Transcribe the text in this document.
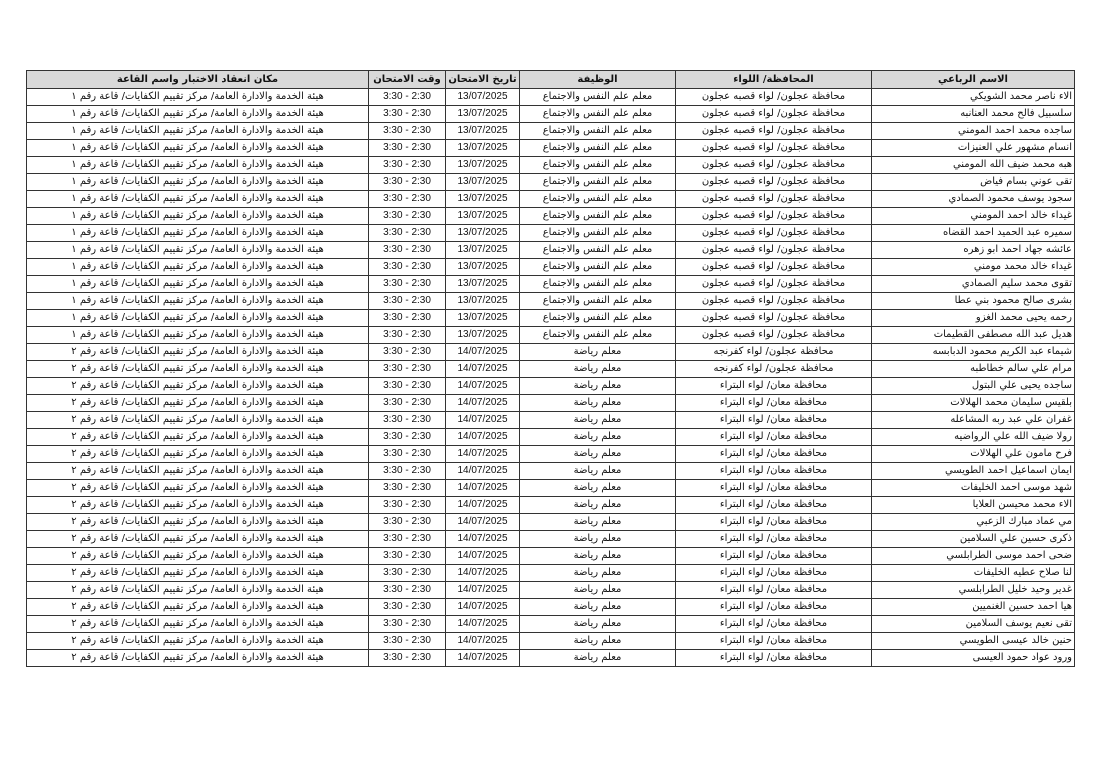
الاسم الرباعي	المحافظة/ اللواء	الوظيفة	تاريخ الامتحان	وقت الامتحان	مكان انعقاد الاختبار واسم القاعة
الاء ناصر محمد الشويكي	محافظة عجلون/ لواء قصبه عجلون	معلم علم النفس والاجتماع	13/07/2025	3:30 - 2:30	هيئة الخدمة والادارة العامة/ مركز تقييم الكفايات/ قاعة رقم ١
سلسبيل فالح محمد العنانبه	محافظة عجلون/ لواء قصبه عجلون	معلم علم النفس والاجتماع	13/07/2025	3:30 - 2:30	هيئة الخدمة والادارة العامة/ مركز تقييم الكفايات/ قاعة رقم ١
ساجده محمد احمد المومني	محافظة عجلون/ لواء قصبه عجلون	معلم علم النفس والاجتماع	13/07/2025	3:30 - 2:30	هيئة الخدمة والادارة العامة/ مركز تقييم الكفايات/ قاعة رقم ١
انسام مشهور علي العنيزات	محافظة عجلون/ لواء قصبه عجلون	معلم علم النفس والاجتماع	13/07/2025	3:30 - 2:30	هيئة الخدمة والادارة العامة/ مركز تقييم الكفايات/ قاعة رقم ١
هبه محمد ضيف الله المومني	محافظة عجلون/ لواء قصبه عجلون	معلم علم النفس والاجتماع	13/07/2025	3:30 - 2:30	هيئة الخدمة والادارة العامة/ مركز تقييم الكفايات/ قاعة رقم ١
تقى عوني بسام فياض	محافظة عجلون/ لواء قصبه عجلون	معلم علم النفس والاجتماع	13/07/2025	3:30 - 2:30	هيئة الخدمة والادارة العامة/ مركز تقييم الكفايات/ قاعة رقم ١
سجود يوسف محمود الصمادي	محافظة عجلون/ لواء قصبه عجلون	معلم علم النفس والاجتماع	13/07/2025	3:30 - 2:30	هيئة الخدمة والادارة العامة/ مركز تقييم الكفايات/ قاعة رقم ١
غيداء خالد احمد المومني	محافظة عجلون/ لواء قصبه عجلون	معلم علم النفس والاجتماع	13/07/2025	3:30 - 2:30	هيئة الخدمة والادارة العامة/ مركز تقييم الكفايات/ قاعة رقم ١
سميره عبد الحميد احمد القضاه	محافظة عجلون/ لواء قصبه عجلون	معلم علم النفس والاجتماع	13/07/2025	3:30 - 2:30	هيئة الخدمة والادارة العامة/ مركز تقييم الكفايات/ قاعة رقم ١
عائشه جهاد احمد ابو زهره	محافظة عجلون/ لواء قصبه عجلون	معلم علم النفس والاجتماع	13/07/2025	3:30 - 2:30	هيئة الخدمة والادارة العامة/ مركز تقييم الكفايات/ قاعة رقم ١
غيداء خالد محمد مومني	محافظة عجلون/ لواء قصبه عجلون	معلم علم النفس والاجتماع	13/07/2025	3:30 - 2:30	هيئة الخدمة والادارة العامة/ مركز تقييم الكفايات/ قاعة رقم ١
تقوى محمد سليم الصمادي	محافظة عجلون/ لواء قصبه عجلون	معلم علم النفس والاجتماع	13/07/2025	3:30 - 2:30	هيئة الخدمة والادارة العامة/ مركز تقييم الكفايات/ قاعة رقم ١
بشرى صالح محمود بني عطا	محافظة عجلون/ لواء قصبه عجلون	معلم علم النفس والاجتماع	13/07/2025	3:30 - 2:30	هيئة الخدمة والادارة العامة/ مركز تقييم الكفايات/ قاعة رقم ١
رحمه يحيى محمد الغزو	محافظة عجلون/ لواء قصبه عجلون	معلم علم النفس والاجتماع	13/07/2025	3:30 - 2:30	هيئة الخدمة والادارة العامة/ مركز تقييم الكفايات/ قاعة رقم ١
هديل عبد الله مصطفى القطيمات	محافظة عجلون/ لواء قصبه عجلون	معلم علم النفس والاجتماع	13/07/2025	3:30 - 2:30	هيئة الخدمة والادارة العامة/ مركز تقييم الكفايات/ قاعة رقم ١
شيماء عبد الكريم محمود الدبابسه	محافظة عجلون/ لواء كفرنجه	معلم رياضة	14/07/2025	3:30 - 2:30	هيئة الخدمة والادارة العامة/ مركز تقييم الكفايات/ قاعة رقم ٢
مرام علي سالم خطاطبه	محافظة عجلون/ لواء كفرنجه	معلم رياضة	14/07/2025	3:30 - 2:30	هيئة الخدمة والادارة العامة/ مركز تقييم الكفايات/ قاعة رقم ٢
ساجده يحيى علي البتول	محافظة معان/ لواء البتراء	معلم رياضة	14/07/2025	3:30 - 2:30	هيئة الخدمة والادارة العامة/ مركز تقييم الكفايات/ قاعة رقم ٢
بلقيس سليمان محمد الهلالات	محافظة معان/ لواء البتراء	معلم رياضة	14/07/2025	3:30 - 2:30	هيئة الخدمة والادارة العامة/ مركز تقييم الكفايات/ قاعة رقم ٢
غفران علي عبد ربه المشاعله	محافظة معان/ لواء البتراء	معلم رياضة	14/07/2025	3:30 - 2:30	هيئة الخدمة والادارة العامة/ مركز تقييم الكفايات/ قاعة رقم ٢
رولا ضيف الله علي الرواضيه	محافظة معان/ لواء البتراء	معلم رياضة	14/07/2025	3:30 - 2:30	هيئة الخدمة والادارة العامة/ مركز تقييم الكفايات/ قاعة رقم ٢
فرح مامون علي الهلالات	محافظة معان/ لواء البتراء	معلم رياضة	14/07/2025	3:30 - 2:30	هيئة الخدمة والادارة العامة/ مركز تقييم الكفايات/ قاعة رقم ٢
ايمان اسماعيل احمد الطويسي	محافظة معان/ لواء البتراء	معلم رياضة	14/07/2025	3:30 - 2:30	هيئة الخدمة والادارة العامة/ مركز تقييم الكفايات/ قاعة رقم ٢
شهد موسى احمد الخليفات	محافظة معان/ لواء البتراء	معلم رياضة	14/07/2025	3:30 - 2:30	هيئة الخدمة والادارة العامة/ مركز تقييم الكفايات/ قاعة رقم ٢
الاء محمد محيسن العلايا	محافظة معان/ لواء البتراء	معلم رياضة	14/07/2025	3:30 - 2:30	هيئة الخدمة والادارة العامة/ مركز تقييم الكفايات/ قاعة رقم ٢
مي عماد مبارك الزعبي	محافظة معان/ لواء البتراء	معلم رياضة	14/07/2025	3:30 - 2:30	هيئة الخدمة والادارة العامة/ مركز تقييم الكفايات/ قاعة رقم ٢
ذكرى حسين علي السلامين	محافظة معان/ لواء البتراء	معلم رياضة	14/07/2025	3:30 - 2:30	هيئة الخدمة والادارة العامة/ مركز تقييم الكفايات/ قاعة رقم ٢
ضحى احمد موسى الطرابلسي	محافظة معان/ لواء البتراء	معلم رياضة	14/07/2025	3:30 - 2:30	هيئة الخدمة والادارة العامة/ مركز تقييم الكفايات/ قاعة رقم ٢
لنا صلاح عطيه الخليفات	محافظة معان/ لواء البتراء	معلم رياضة	14/07/2025	3:30 - 2:30	هيئة الخدمة والادارة العامة/ مركز تقييم الكفايات/ قاعة رقم ٢
غدير وحيد خليل الطرابلسي	محافظة معان/ لواء البتراء	معلم رياضة	14/07/2025	3:30 - 2:30	هيئة الخدمة والادارة العامة/ مركز تقييم الكفايات/ قاعة رقم ٢
هيا احمد حسين الغنميين	محافظة معان/ لواء البتراء	معلم رياضة	14/07/2025	3:30 - 2:30	هيئة الخدمة والادارة العامة/ مركز تقييم الكفايات/ قاعة رقم ٢
تقى نعيم يوسف السلامين	محافظة معان/ لواء البتراء	معلم رياضة	14/07/2025	3:30 - 2:30	هيئة الخدمة والادارة العامة/ مركز تقييم الكفايات/ قاعة رقم ٢
حنين خالد عيسى الطويسي	محافظة معان/ لواء البتراء	معلم رياضة	14/07/2025	3:30 - 2:30	هيئة الخدمة والادارة العامة/ مركز تقييم الكفايات/ قاعة رقم ٢
ورود عواد حمود العيسى	محافظة معان/ لواء البتراء	معلم رياضة	14/07/2025	3:30 - 2:30	هيئة الخدمة والادارة العامة/ مركز تقييم الكفايات/ قاعة رقم ٢
